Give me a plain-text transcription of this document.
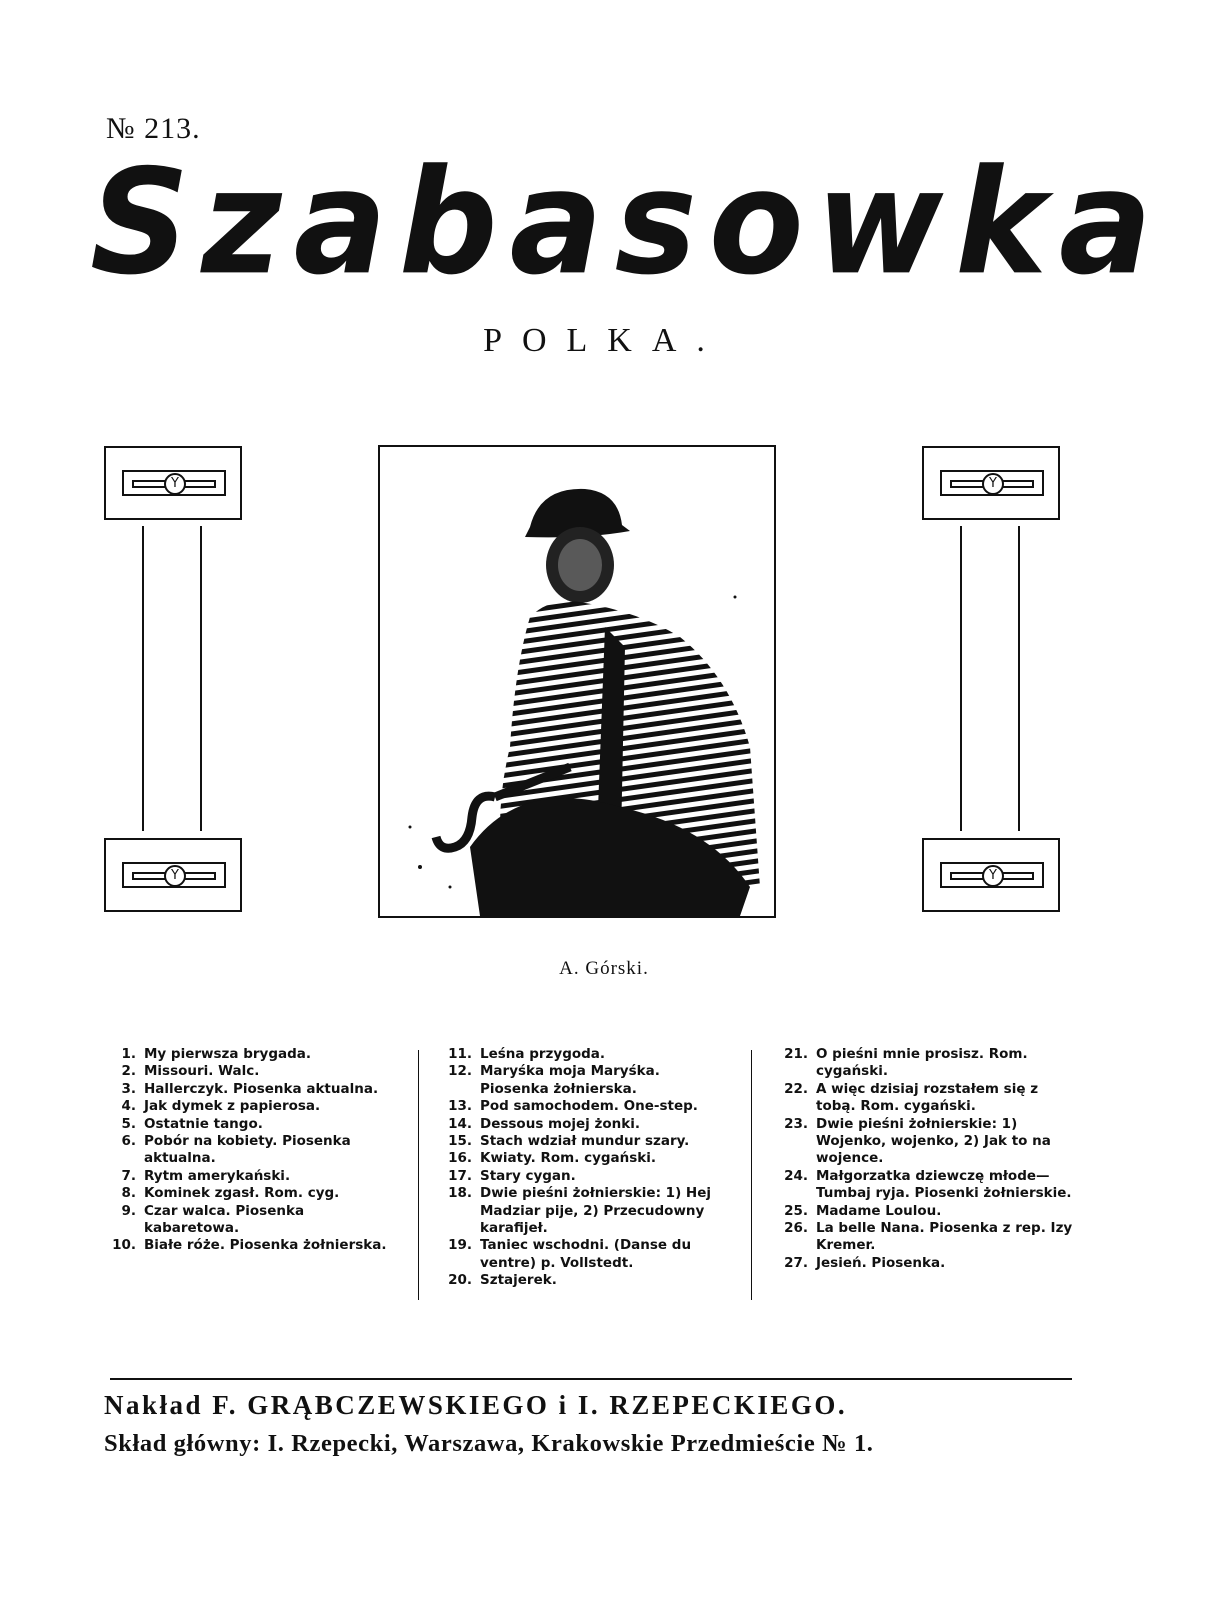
№ 213.
Szabasowka
POLKA.
Y
Y
Y
Y
A. Górski.
1. My pierwsza brygada.
2. Missouri. Walc.
3. Hallerczyk. Piosenka aktualna.
4. Jak dymek z papierosa.
5. Ostatnie tango.
6. Pobór na kobiety. Piosenka aktualna.
7. Rytm amerykański.
8. Kominek zgasł. Rom. cyg.
9. Czar walca. Piosenka kabaretowa.
10. Białe róże. Piosenka żołnierska.
11. Leśna przygoda.
12. Maryśka moja Maryśka. Piosenka żołnierska.
13. Pod samochodem. One-step.
14. Dessous mojej żonki.
15. Stach wdział mundur szary.
16. Kwiaty. Rom. cygański.
17. Stary cygan.
18. Dwie pieśni żołnierskie: 1) Hej Madziar pije, 2) Przecudowny karafijeł.
19. Taniec wschodni. (Danse du ventre) p. Vollstedt.
20. Sztajerek.
21. O pieśni mnie prosisz. Rom. cygański.
22. A więc dzisiaj rozstałem się z tobą. Rom. cygański.
23. Dwie pieśni żołnierskie: 1) Wojenko, wojenko, 2) Jak to na wojence.
24. Małgorzatka dziewczę młode—Tumbaj ryja. Piosenki żołnierskie.
25. Madame Loulou.
26. La belle Nana. Piosenka z rep. Izy Kremer.
27. Jesień. Piosenka.
Nakład F. GRĄBCZEWSKIEGO i I. RZEPECKIEGO.
Skład główny: I. Rzepecki, Warszawa, Krakowskie Przedmieście № 1.
